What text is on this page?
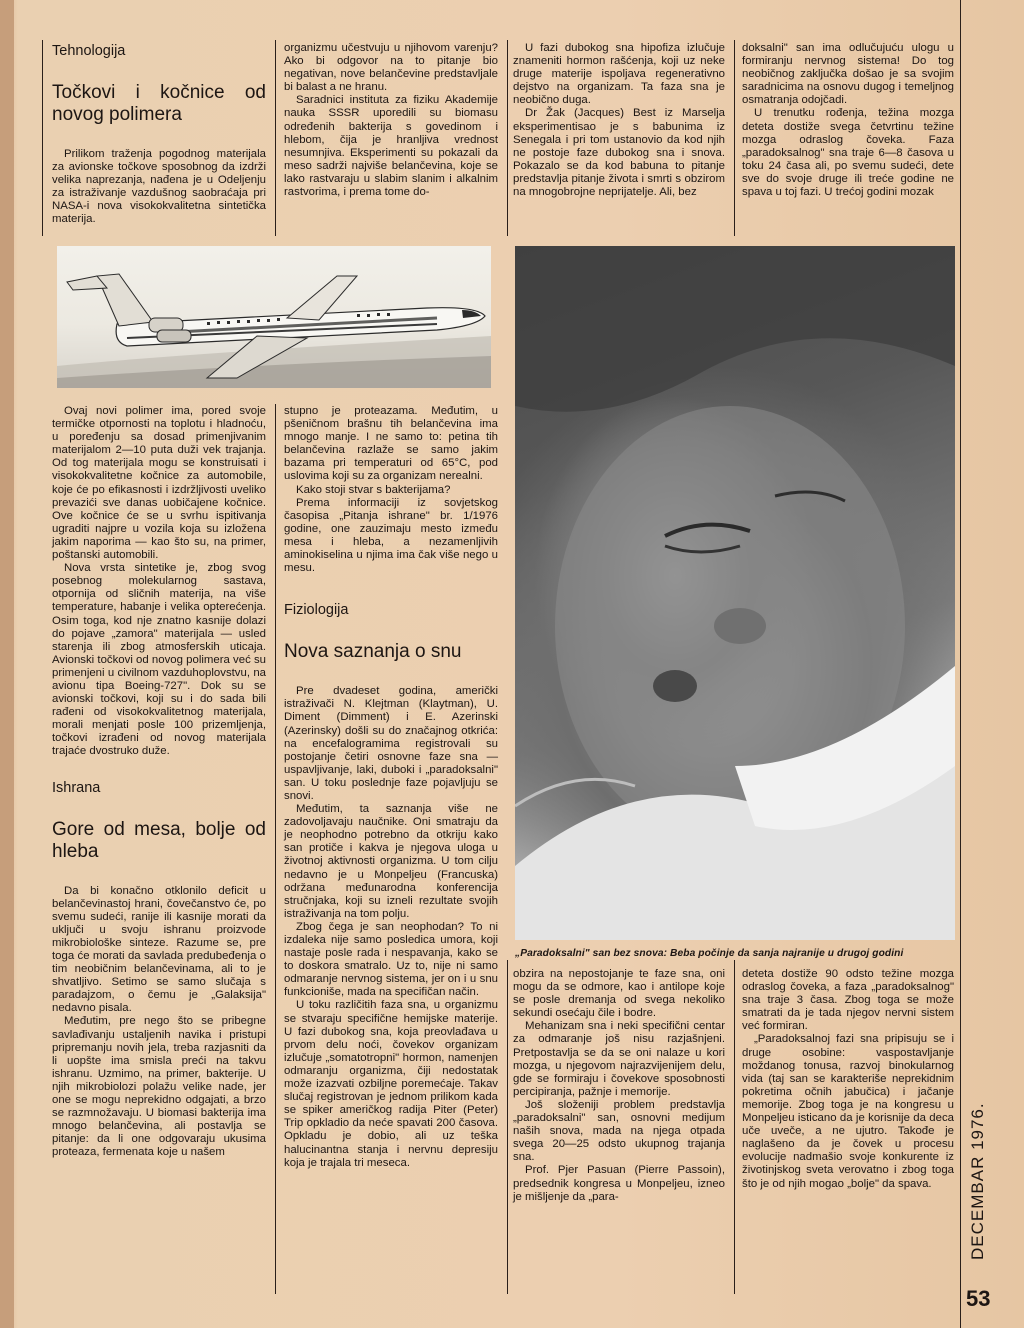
Tehnologija
Točkovi i kočnice od novog polimera

Prilikom traženja pogodnog materijala za avionske točkove sposobnog da izdrži velika naprezanja, nađena je u Odeljenju za istraživanje vazdušnog saobraćaja pri NASA-i nova visokokvalitetna sintetička materija.

organizmu učestvuju u njihovom varenju? Ako bi odgovor na to pitanje bio negativan, nove belančevine predstavljale bi balast a ne hranu.

Saradnici instituta za fiziku Akademije nauka SSSR uporedili su biomasu određenih bakterija s govedinom i hlebom, čija je hranljiva vrednost nesumnjiva. Eksperimenti su pokazali da meso sadrži najviše belančevina, koje se lako rastvaraju u slabim slanim i alkalnim rastvorima, i prema tome do-

U fazi dubokog sna hipofiza izlučuje znameniti hormon rašćenja, koji uz neke druge materije ispoljava regenerativno dejstvo na organizam. Ta faza sna je neobično duga.

Dr Žak (Jacques) Best iz Marselja eksperimentisao je s babunima iz Senegala i pri tom ustanovio da kod njih ne postoje faze dubokog sna i snova. Pokazalo se da kod babuna to pitanje predstavlja pitanje života i smrti s obzirom na mnogobrojne neprijatelje. Ali, bez

doksalni" san ima odlučujuću ulogu u formiranju nervnog sistema! Do tog neobičnog zaključka došao je sa svojim saradnicima na osnovu dugog i temeljnog osmatranja odojčadi.

U trenutku rođenja, težina mozga deteta dostiže svega četvrtinu težine mozga odraslog čoveka. Faza „paradoksalnog" sna traje 6—8 časova u toku 24 časa ali, po svemu sudeći, dete sve do svoje druge ili treće godine ne spava u toj fazi. U trećoj godini mozak

„Paradoksalni" san bez snova: Beba počinje da sanja najranije u drugoj godini

Ovaj novi polimer ima, pored svoje termičke otpornosti na toplotu i hladnoću, u poređenju sa dosad primenjivanim materijalom 2—10 puta duži vek trajanja. Od tog materijala mogu se konstruisati i visokokvalitetne kočnice za automobile, koje će po efikasnosti i izdržljivosti uveliko prevazići sve danas uobičajene kočnice. Ove kočnice će se u svrhu ispitivanja ugraditi najpre u vozila koja su izložena jakim naporima — kao što su, na primer, poštanski automobili.

Nova vrsta sintetike je, zbog svog posebnog molekularnog sastava, otpornija od sličnih materija, na više temperature, habanje i velika opterećenja. Osim toga, kod nje znatno kasnije dolazi do pojave „zamora" materijala — usled starenja ili zbog atmosferskih uticaja. Avionski točkovi od novog polimera već su primenjeni u civilnom vazduhoplovstvu, na avionu tipa Boeing-727". Dok su se avionski točkovi, koji su i do sada bili rađeni od visokokvalitetnog materijala, morali menjati posle 100 prizemljenja, točkovi izrađeni od novog materijala trajaće dvostruko duže.

Ishrana
Gore od mesa, bolje od hleba

Da bi konačno otklonilo deficit u belančevinastoj hrani, čovečanstvo će, po svemu sudeći, ranije ili kasnije morati da uključi u svoju ishranu proizvode mikrobiološke sinteze. Razume se, pre toga će morati da savlada predubeđenja o tim neobičnim belančevinama, ali to je shvatljivo. Setimo se samo slučaja s paradajzom, o čemu je „Galaksija" nedavno pisala.

Međutim, pre nego što se pribegne savlađivanju ustaljenih navika i pristupi pripremanju novih jela, treba razjasniti da li uopšte ima smisla preći na takvu ishranu. Uzmimo, na primer, bakterije. U njih mikrobiolozi polažu velike nade, jer one se mogu neprekidno odgajati, a brzo se razmnožavaju. U biomasi bakterija ima mnogo belančevina, ali postavlja se pitanje: da li one odgovaraju ukusima proteaza, fermenata koje u našem

stupno je proteazama. Međutim, u pšeničnom brašnu tih belančevina ima mnogo manje. I ne samo to: petina tih belančevina razlaže se samo jakim bazama pri temperaturi od 65°C, pod uslovima koji su za organizam nerealni.

Kako stoji stvar s bakterijama?

Prema informaciji iz sovjetskog časopisa „Pitanja ishrane" br. 1/1976 godine, one zauzimaju mesto između mesa i hleba, a nezamenljivih aminokiselina u njima ima čak više nego u mesu.

Fiziologija
Nova saznanja o snu

Pre dvadeset godina, američki istraživači N. Klejtman (Klaytman), U. Diment (Dimment) i E. Azerinski (Azerinsky) došli su do značajnog otkrića: na encefalogramima registrovali su postojanje četiri osnovne faze sna — uspavljivanje, laki, duboki i „paradoksalni" san. U toku poslednje faze pojavljuju se snovi.

Međutim, ta saznanja više ne zadovoljavaju naučnike. Oni smatraju da je neophodno potrebno da otkriju kako san protiče i kakva je njegova uloga u životnoj aktivnosti organizma. U tom cilju nedavno je u Monpeljeu (Francuska) održana međunarodna konferencija stručnjaka, koji su izneli rezultate svojih istraživanja na tom polju.

Zbog čega je san neophodan? To ni izdaleka nije samo posledica umora, koji nastaje posle rada i nespavanja, kako se to doskora smatralo. Uz to, nije ni samo odmaranje nervnog sistema, jer on i u snu funkcioniše, mada na specifičan način.

U toku različitih faza sna, u organizmu se stvaraju specifične hemijske materije. U fazi dubokog sna, koja preovlađava u prvom delu noći, čovekov organizam izlučuje „somatotropni" hormon, namenjen odmaranju organizma, čiji nedostatak može izazvati ozbiljne poremećaje. Takav slučaj registrovan je jednom prilikom kada se spiker američkog radija Piter (Peter) Trip opkladio da neće spavati 200 časova. Opkladu je dobio, ali uz teška halucinantna stanja i nervnu depresiju koja je trajala tri meseca.

obzira na nepostojanje te faze sna, oni mogu da se odmore, kao i antilope koje se posle dremanja od svega nekoliko sekundi osećaju čile i bodre.

Mehanizam sna i neki specifični centar za odmaranje još nisu razjašnjeni. Pretpostavlja se da se oni nalaze u kori mozga, u njegovom najrazvijenijem delu, gde se formiraju i čovekove sposobnosti percipiranja, pažnje i memorije.

Još složeniji problem predstavlja „paradoksalni" san, osnovni medijum naših snova, mada na njega otpada svega 20—25 odsto ukupnog trajanja sna.

Prof. Pjer Pasuan (Pierre Passoin), predsednik kongresa u Monpeljeu, izneo je mišljenje da „para-

deteta dostiže 90 odsto težine mozga odraslog čoveka, a faza „paradoksalnog" sna traje 3 časa. Zbog toga se može smatrati da je tada njegov nervni sistem već formiran.

„Paradoksalnoj fazi sna pripisuju se i druge osobine: vaspostavljanje moždanog tonusa, razvoj binokularnog vida (taj san se karakteriše neprekidnim pokretima očnih jabučica) i jačanje memorije. Zbog toga je na kongresu u Monpeljeu isticano da je korisnije da deca uče uveče, a ne ujutro. Takođe je naglašeno da je čovek u procesu evolucije nadmašio svoje konkurente iz životinjskog sveta verovatno i zbog toga što je od njih mogao „bolje" da spava.	DECEMBAR 1976.
53
